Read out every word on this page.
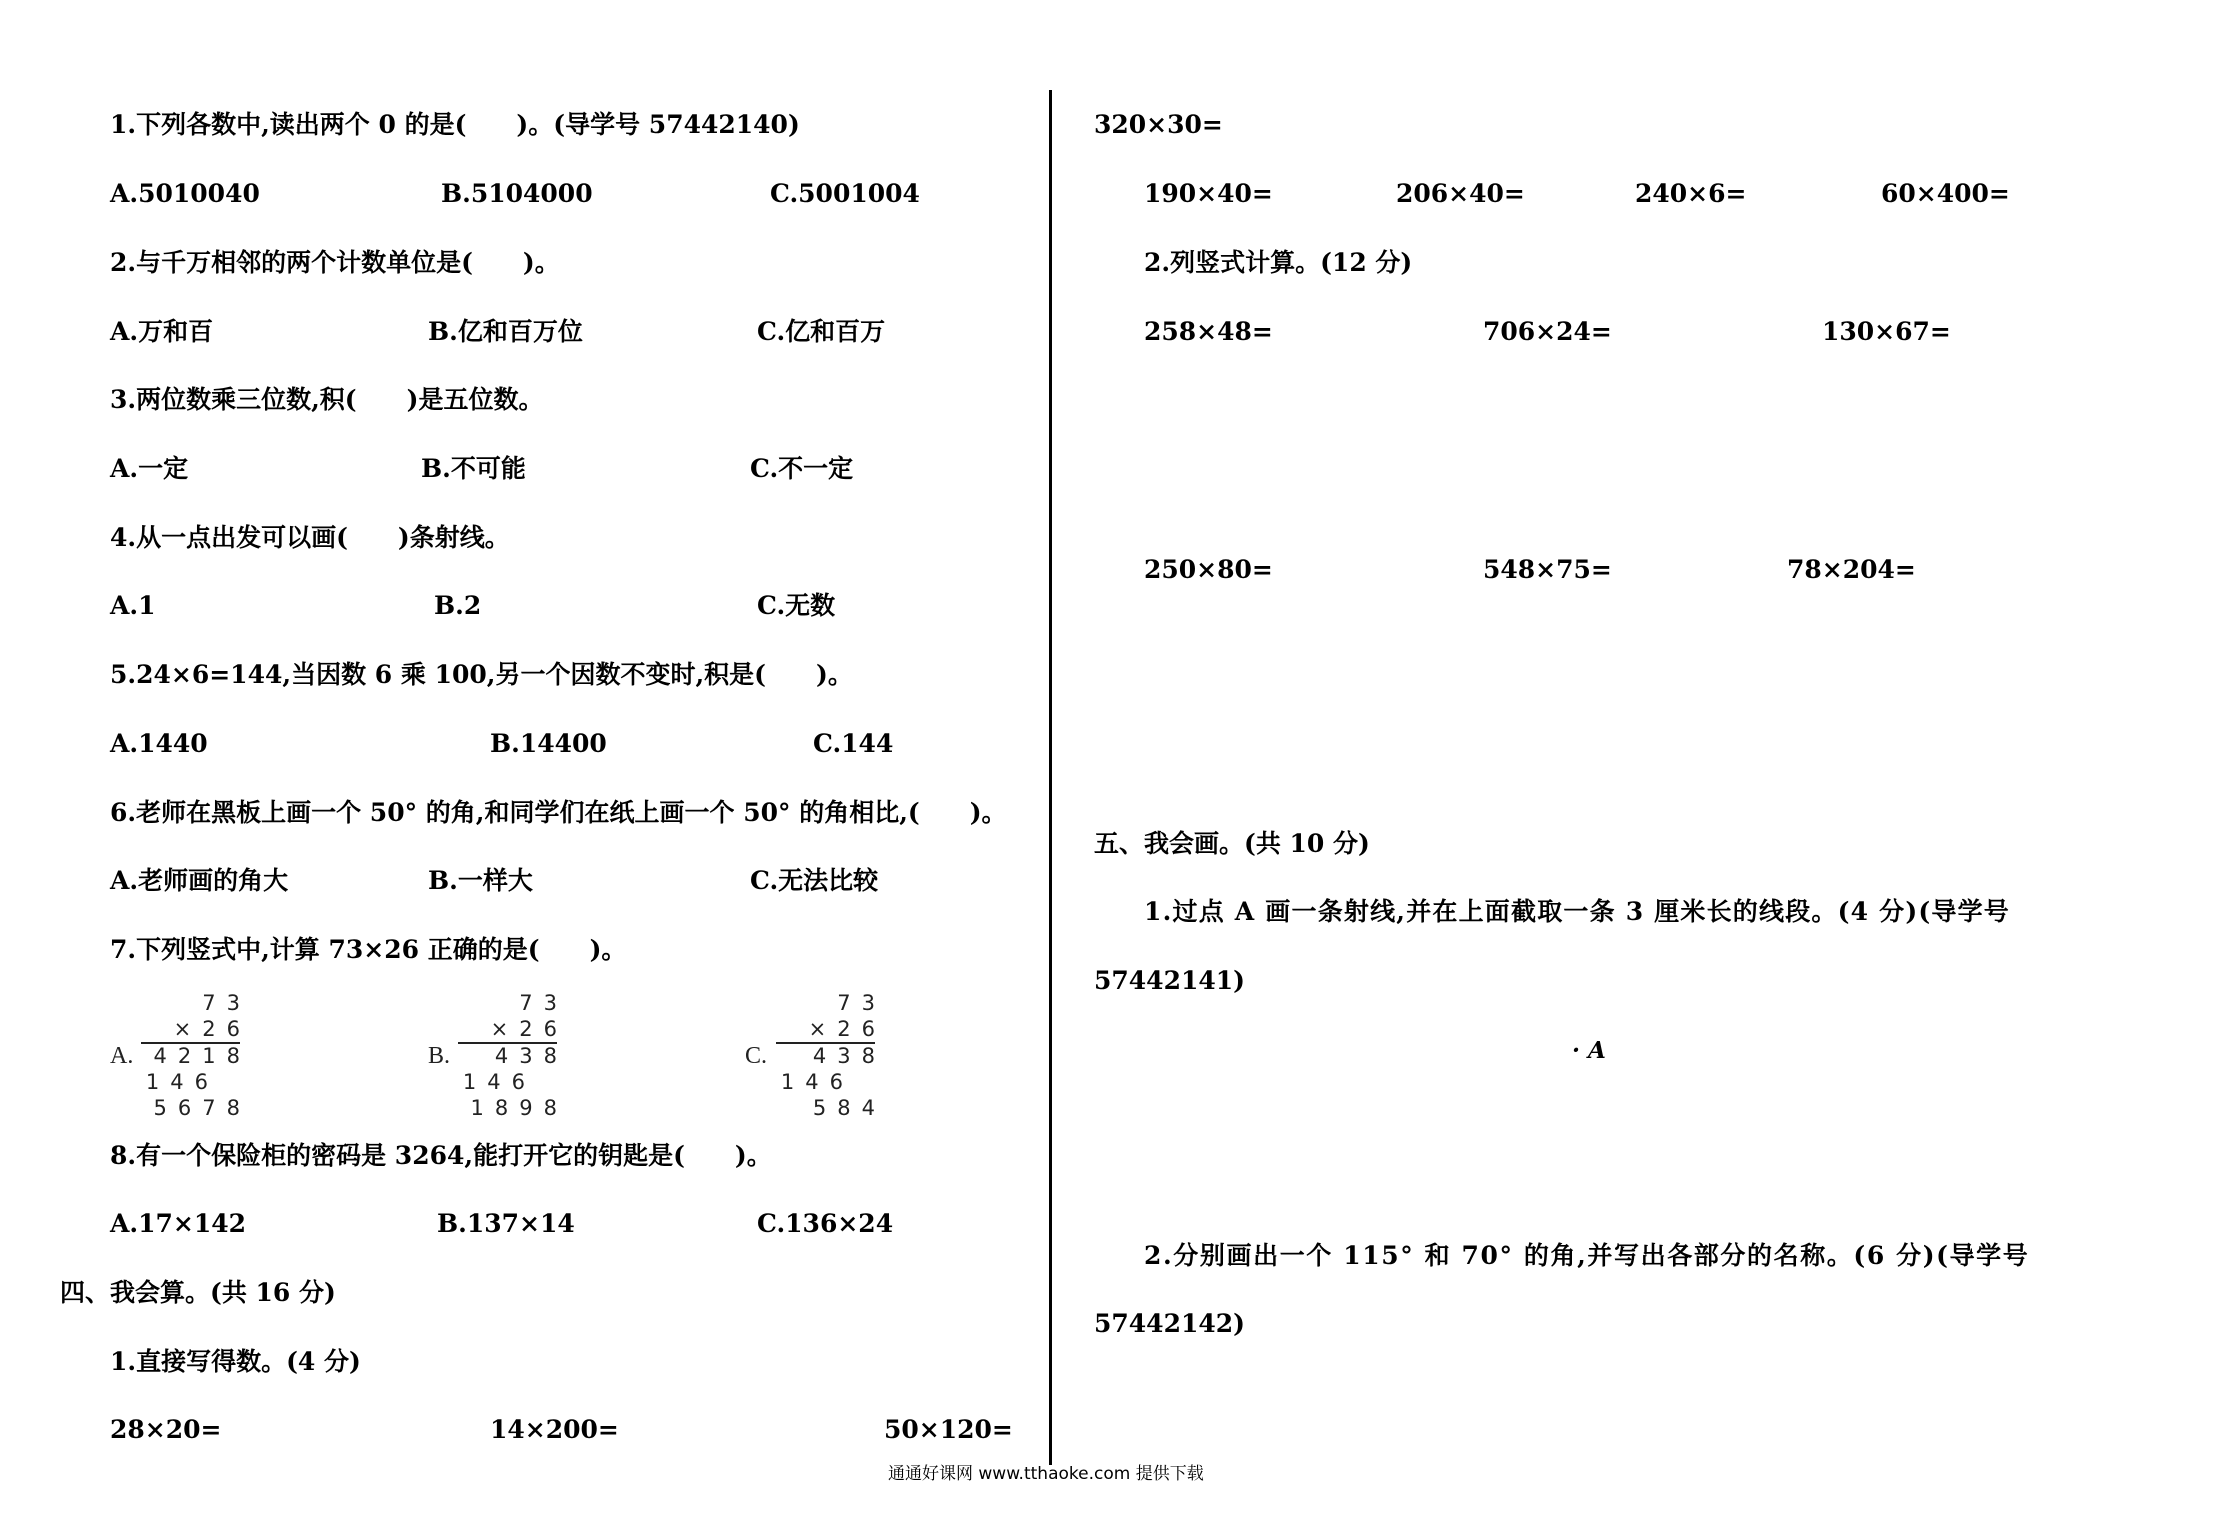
1.下列各数中,读出两个 0 的是(　　)。(导学号 57442140)
A.5010040	B.5104000	C.5001004
2.与千万相邻的两个计数单位是(　　)。
A.万和百	B.亿和百万位	C.亿和百万
3.两位数乘三位数,积(　　)是五位数。
A.一定	B.不可能	C.不一定
4.从一点出发可以画(　　)条射线。
A.1	B.2	C.无数
5.24×6=144,当因数 6 乘 100,另一个因数不变时,积是(　　)。
A.1440	B.14400	C.144
6.老师在黑板上画一个 50° 的角,和同学们在纸上画一个 50° 的角相比,(　　)。
A.老师画的角大	B.一样大	C.无法比较
7.下列竖式中,计算 73×26 正确的是(　　)。
A.
73
×26
4218
146
5678
B.
73
×26
438
146
1898
C.
73
×26
438
146
584
8.有一个保险柜的密码是 3264,能打开它的钥匙是(　　)。
A.17×142	B.137×14	C.136×24
四、我会算。(共 16 分)
1.直接写得数。(4 分)
28×20=	14×200=	50×120=
320×30=
190×40=	206×40=	240×6=	60×400=
2.列竖式计算。(12 分)
258×48=	706×24=	130×67=
250×80=	548×75=	78×204=
五、我会画。(共 10 分)
1.过点 A 画一条射线,并在上面截取一条 3 厘米长的线段。(4 分)(导学号
57442141)
· A
2.分别画出一个 115° 和 70° 的角,并写出各部分的名称。(6 分)(导学号
57442142)
通通好课网 www.tthaoke.com 提供下载
